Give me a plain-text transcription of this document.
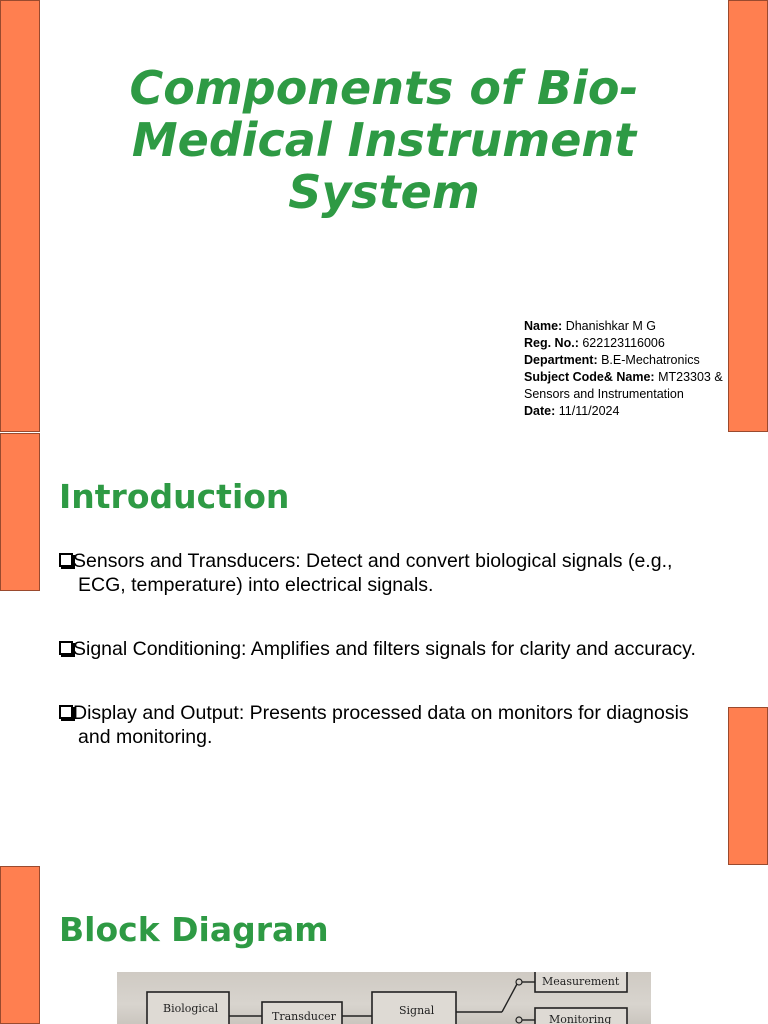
Components of Bio-Medical Instrument System
Name: Dhanishkar M G
Reg. No.: 622123116006
Department: B.E-Mechatronics
Subject Code& Name: MT23303 & Sensors and Instrumentation
Date: 11/11/2024
Introduction
Sensors and Transducers: Detect and convert biological signals (e.g., ECG, temperature) into electrical signals.
Signal Conditioning: Amplifies and filters signals for clarity and accuracy.
Display and Output: Presents processed data on monitors for diagnosis and monitoring.
Block Diagram
Biological
Transducer	Signal
Measurement
Monitoring
